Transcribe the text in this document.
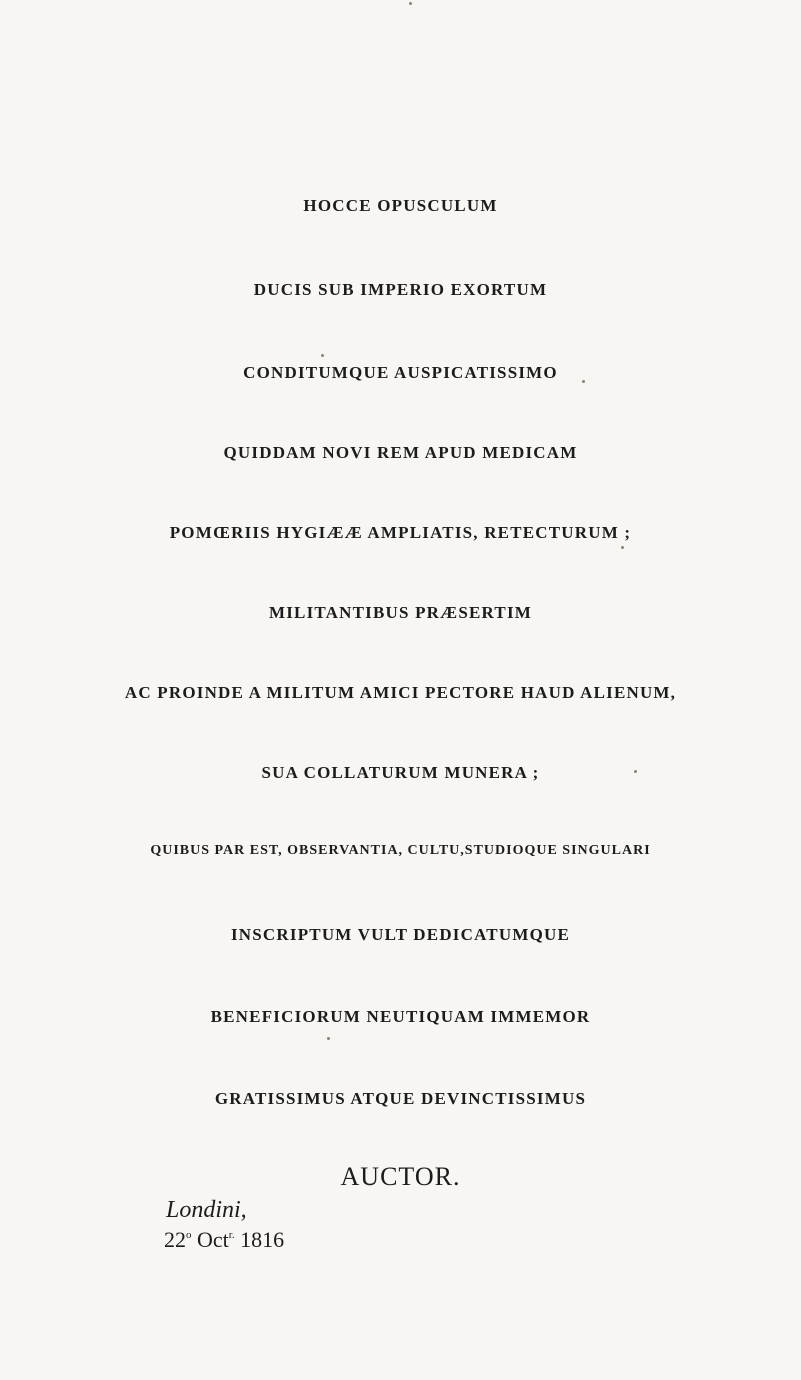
HOCCE OPUSCULUM
DUCIS SUB IMPERIO EXORTUM
CONDITUMQUE AUSPICATISSIMO
QUIDDAM NOVI REM APUD MEDICAM
POMŒRIIS HYGIÆÆ AMPLIATIS, RETECTURUM ;
MILITANTIBUS PRÆSERTIM
AC PROINDE A MILITUM AMICI PECTORE HAUD ALIENUM,
SUA COLLATURUM MUNERA ;
QUIBUS PAR EST, OBSERVANTIA, CULTU,STUDIOQUE SINGULARI
INSCRIPTUM VULT DEDICATUMQUE
BENEFICIORUM NEUTIQUAM IMMEMOR
GRATISSIMUS ATQUE DEVINCTISSIMUS
AUCTOR.
Londini,
22$^o$ Oct$^{r.}$ 1816
